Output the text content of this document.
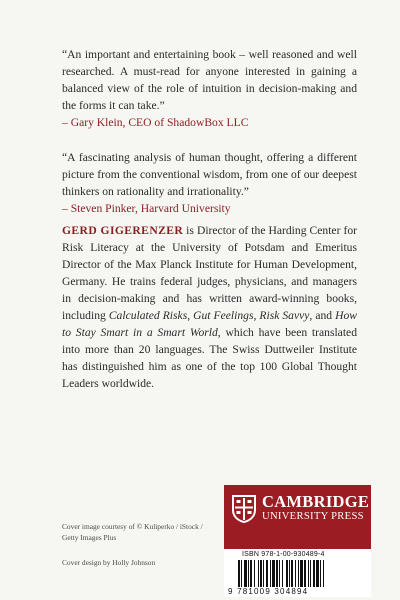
“An important and entertaining book – well reasoned and well researched. A must-read for anyone interested in gaining a balanced view of the role of intuition in decision-making and the forms it can take.”

– Gary Klein, CEO of ShadowBox LLC

“A fascinating analysis of human thought, offering a different picture from the conventional wisdom, from one of our deepest thinkers on rationality and irrationality.”

– Steven Pinker, Harvard University

GERD GIGERENZER is Director of the Harding Center for Risk Literacy at the University of Potsdam and Emeritus Director of the Max Planck Institute for Human Development, Germany. He trains federal judges, physicians, and managers in decision-making and has written award-winning books, including Calculated Risks, Gut Feelings, Risk Savvy, and How to Stay Smart in a Smart World, which have been translated into more than 20 languages. The Swiss Duttweiler Institute has distinguished him as one of the top 100 Global Thought Leaders worldwide.
Cover image courtesy of © Kuliperko / iStock / Getty Images Plus
Cover design by Holly Johnson
CAMBRIDGE
UNIVERSITY PRESS
ISBN 978-1-00-930489-4
9 781009 304894
